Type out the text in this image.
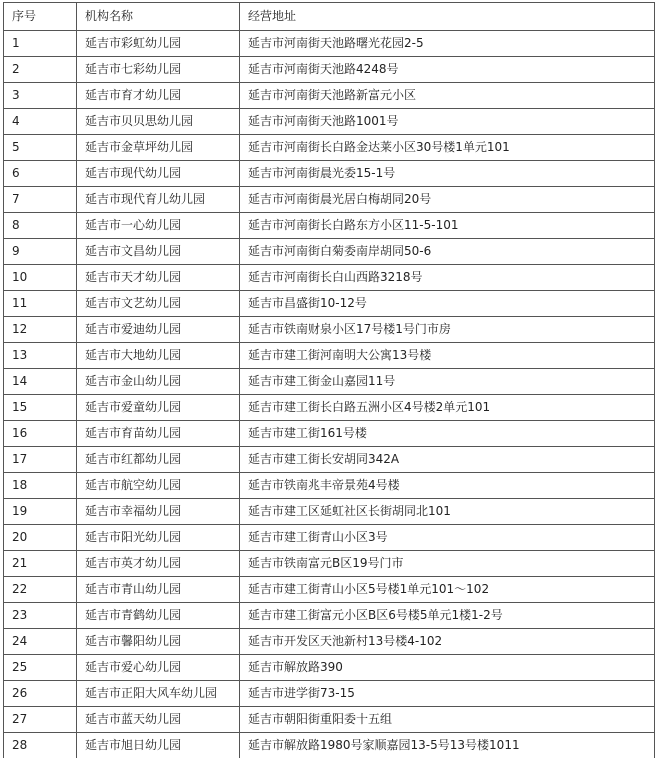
序号	机构名称	经营地址
1	延吉市彩虹幼儿园	延吉市河南街天池路曙光花园2-5
2	延吉市七彩幼儿园	延吉市河南街天池路4248号
3	延吉市育才幼儿园	延吉市河南街天池路新富元小区
4	延吉市贝贝思幼儿园	延吉市河南街天池路1001号
5	延吉市金草坪幼儿园	延吉市河南街长白路金达莱小区30号楼1单元101
6	延吉市现代幼儿园	延吉市河南街晨光委15-1号
7	延吉市现代育儿幼儿园	延吉市河南街晨光居白梅胡同20号
8	延吉市一心幼儿园	延吉市河南街长白路东方小区11-5-101
9	延吉市文昌幼儿园	延吉市河南街白菊委南岸胡同50-6
10	延吉市天才幼儿园	延吉市河南街长白山西路3218号
11	延吉市文艺幼儿园	延吉市昌盛街10-12号
12	延吉市爱迪幼儿园	延吉市铁南财泉小区17号楼1号门市房
13	延吉市大地幼儿园	延吉市建工街河南明大公寓13号楼
14	延吉市金山幼儿园	延吉市建工街金山嘉园11号
15	延吉市爱童幼儿园	延吉市建工街长白路五洲小区4号楼2单元101
16	延吉市育苗幼儿园	延吉市建工街161号楼
17	延吉市红都幼儿园	延吉市建工街长安胡同342A
18	延吉市航空幼儿园	延吉市铁南兆丰帝景苑4号楼
19	延吉市幸福幼儿园	延吉市建工区延虹社区长街胡同北101
20	延吉市阳光幼儿园	延吉市建工街青山小区3号
21	延吉市英才幼儿园	延吉市铁南富元B区19号门市
22	延吉市青山幼儿园	延吉市建工街青山小区5号楼1单元101～102
23	延吉市青鹤幼儿园	延吉市建工街富元小区B区6号楼5单元1楼1-2号
24	延吉市馨阳幼儿园	延吉市开发区天池新村13号楼4-102
25	延吉市爱心幼儿园	延吉市解放路390
26	延吉市正阳大风车幼儿园	延吉市进学街73-15
27	延吉市蓝天幼儿园	延吉市朝阳街重阳委十五组
28	延吉市旭日幼儿园	延吉市解放路1980号家顺嘉园13-5号13号楼1011
